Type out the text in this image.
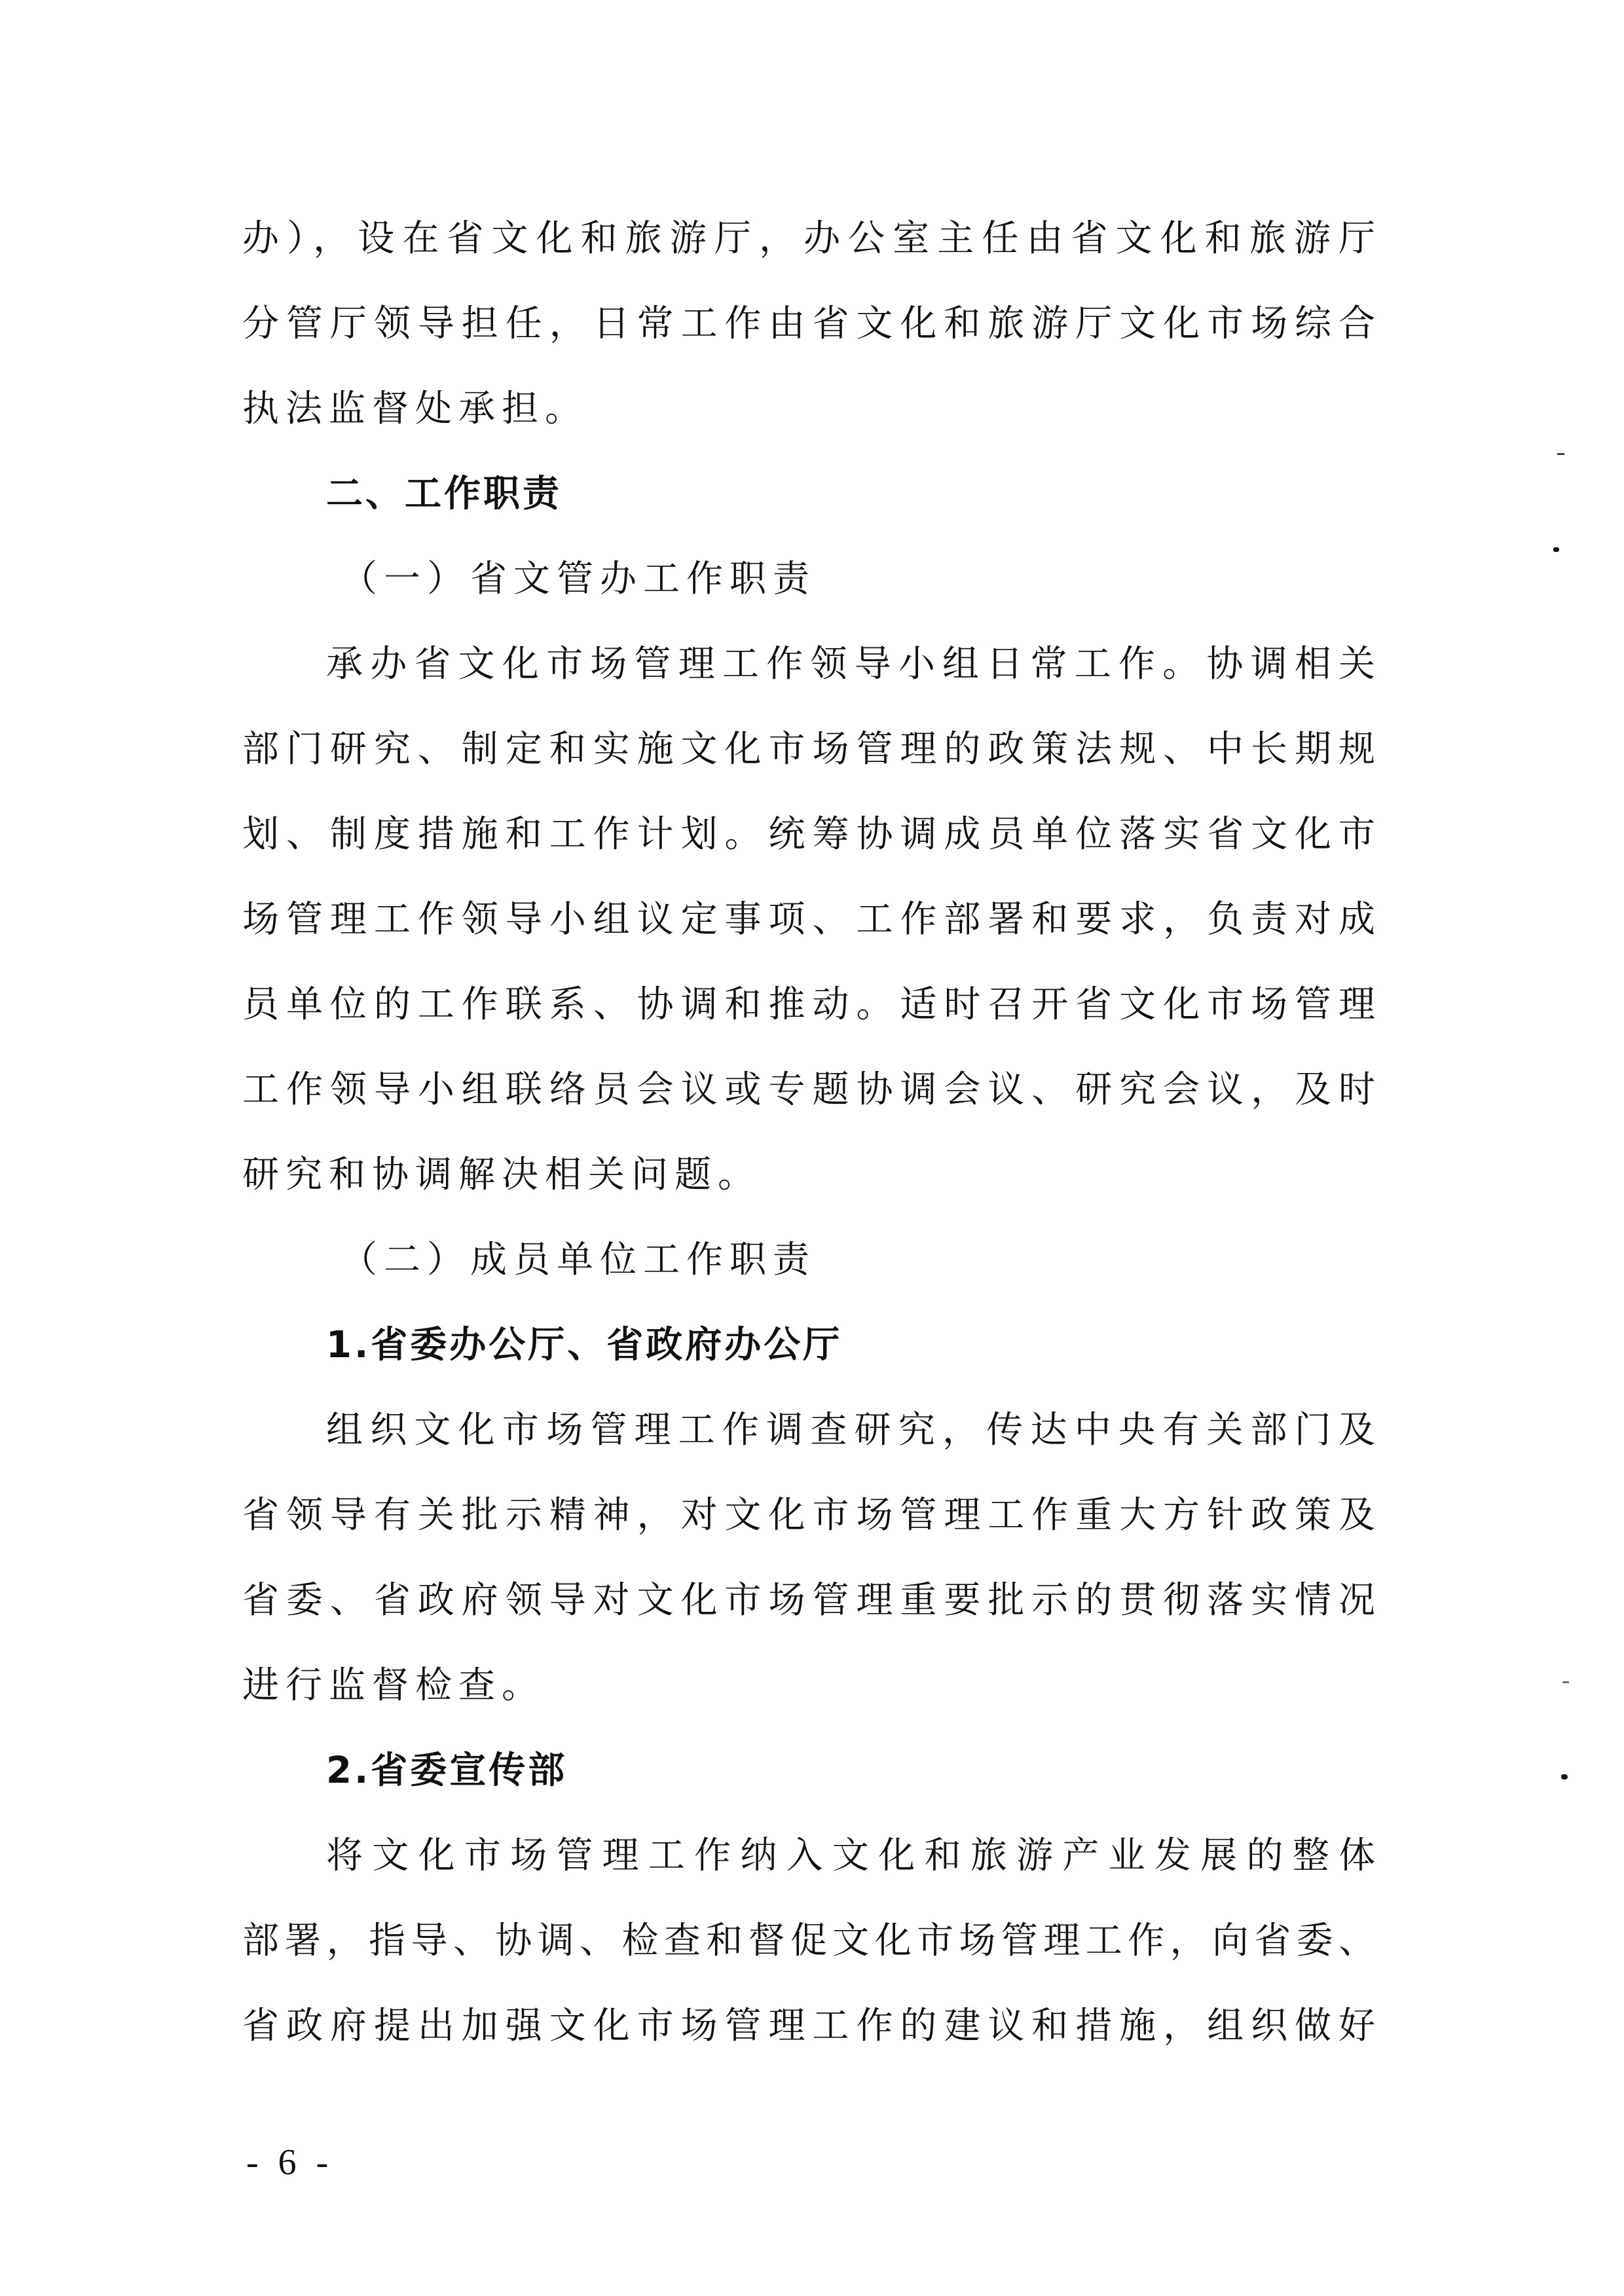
办），设在省文化和旅游厅，办公室主任由省文化和旅游厅
分管厅领导担任，日常工作由省文化和旅游厅文化市场综合
执法监督处承担。
二、工作职责
（一）省文管办工作职责
承办省文化市场管理工作领导小组日常工作。协调相关
部门研究、制定和实施文化市场管理的政策法规、中长期规
划、制度措施和工作计划。统筹协调成员单位落实省文化市
场管理工作领导小组议定事项、工作部署和要求，负责对成
员单位的工作联系、协调和推动。适时召开省文化市场管理
工作领导小组联络员会议或专题协调会议、研究会议，及时
研究和协调解决相关问题。
（二）成员单位工作职责
1.省委办公厅、省政府办公厅
组织文化市场管理工作调查研究，传达中央有关部门及
省领导有关批示精神，对文化市场管理工作重大方针政策及
省委、省政府领导对文化市场管理重要批示的贯彻落实情况
进行监督检查。
2.省委宣传部
将文化市场管理工作纳入文化和旅游产业发展的整体
部署，指导、协调、检查和督促文化市场管理工作，向省委、
省政府提出加强文化市场管理工作的建议和措施，组织做好
- 6 -
